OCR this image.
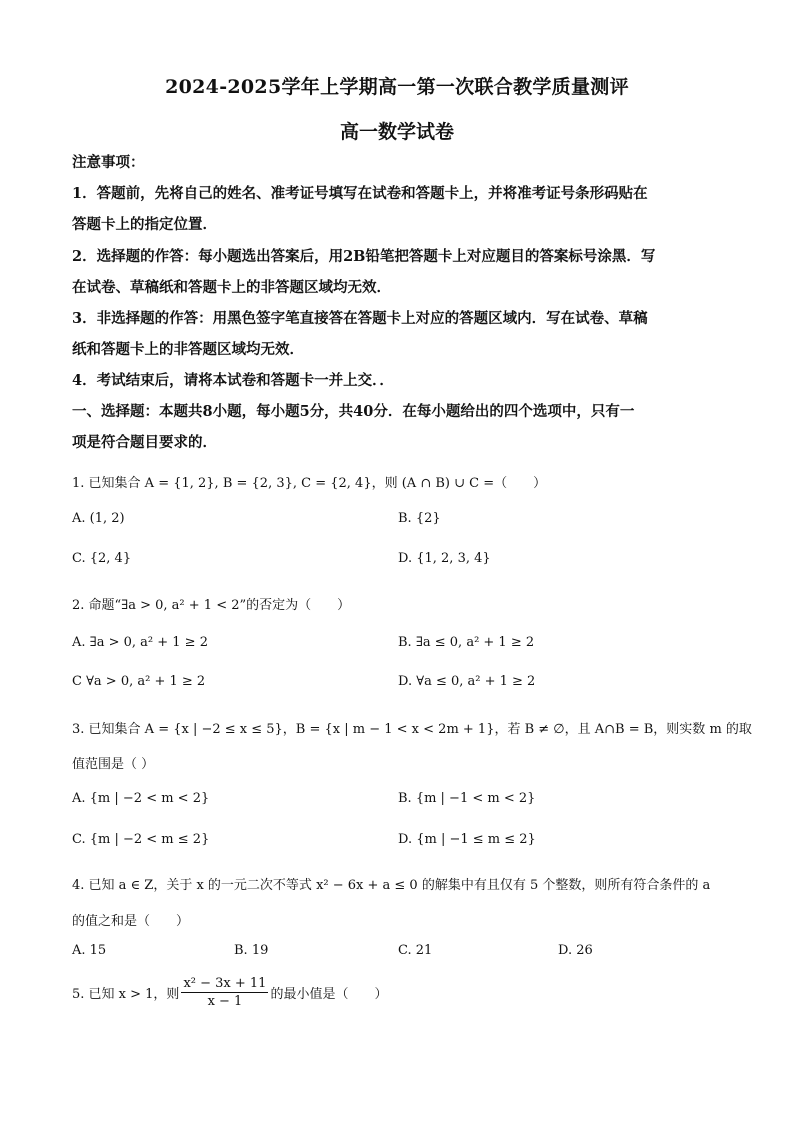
2024-2025学年上学期高一第一次联合教学质量测评
高一数学试卷
注意事项：
1．答题前，先将自己的姓名、准考证号填写在试卷和答题卡上，并将准考证号条形码贴在
答题卡上的指定位置．
2．选择题的作答：每小题选出答案后，用2B铅笔把答题卡上对应题目的答案标号涂黑．写
在试卷、草稿纸和答题卡上的非答题区域均无效．
3．非选择题的作答：用黑色签字笔直接答在答题卡上对应的答题区域内．写在试卷、草稿
纸和答题卡上的非答题区域均无效．
4．考试结束后，请将本试卷和答题卡一并上交．．
一、选择题：本题共8小题，每小题5分，共40分．在每小题给出的四个选项中，只有一
项是符合题目要求的．
1. 已知集合 A = {1, 2}, B = {2, 3}, C = {2, 4}，则 (A ∩ B) ∪ C =（　　）
A. (1, 2)	B. {2}
C. {2, 4}	D. {1, 2, 3, 4}
2. 命题“∃a > 0, a² + 1 < 2”的否定为（　　）
A. ∃a > 0, a² + 1 ≥ 2	B. ∃a ≤ 0, a² + 1 ≥ 2
C ∀a > 0, a² + 1 ≥ 2	D. ∀a ≤ 0, a² + 1 ≥ 2
3. 已知集合 A = {x | −2 ≤ x ≤ 5}，B = {x | m − 1 < x < 2m + 1}，若 B ≠ ∅，且 A∩B = B，则实数 m 的取
值范围是（ ）
A. {m | −2 < m < 2}	B. {m | −1 < m < 2}
C. {m | −2 < m ≤ 2}	D. {m | −1 ≤ m ≤ 2}
4. 已知 a ∈ Z，关于 x 的一元二次不等式 x² − 6x + a ≤ 0 的解集中有且仅有 5 个整数，则所有符合条件的 a
的值之和是（　　）
A. 15	B. 19	C. 21	D. 26
5. 已知 x > 1，则 $\frac{\text{x² − 3x + 11}}{x - 1}$ 的最小值是（　　）
